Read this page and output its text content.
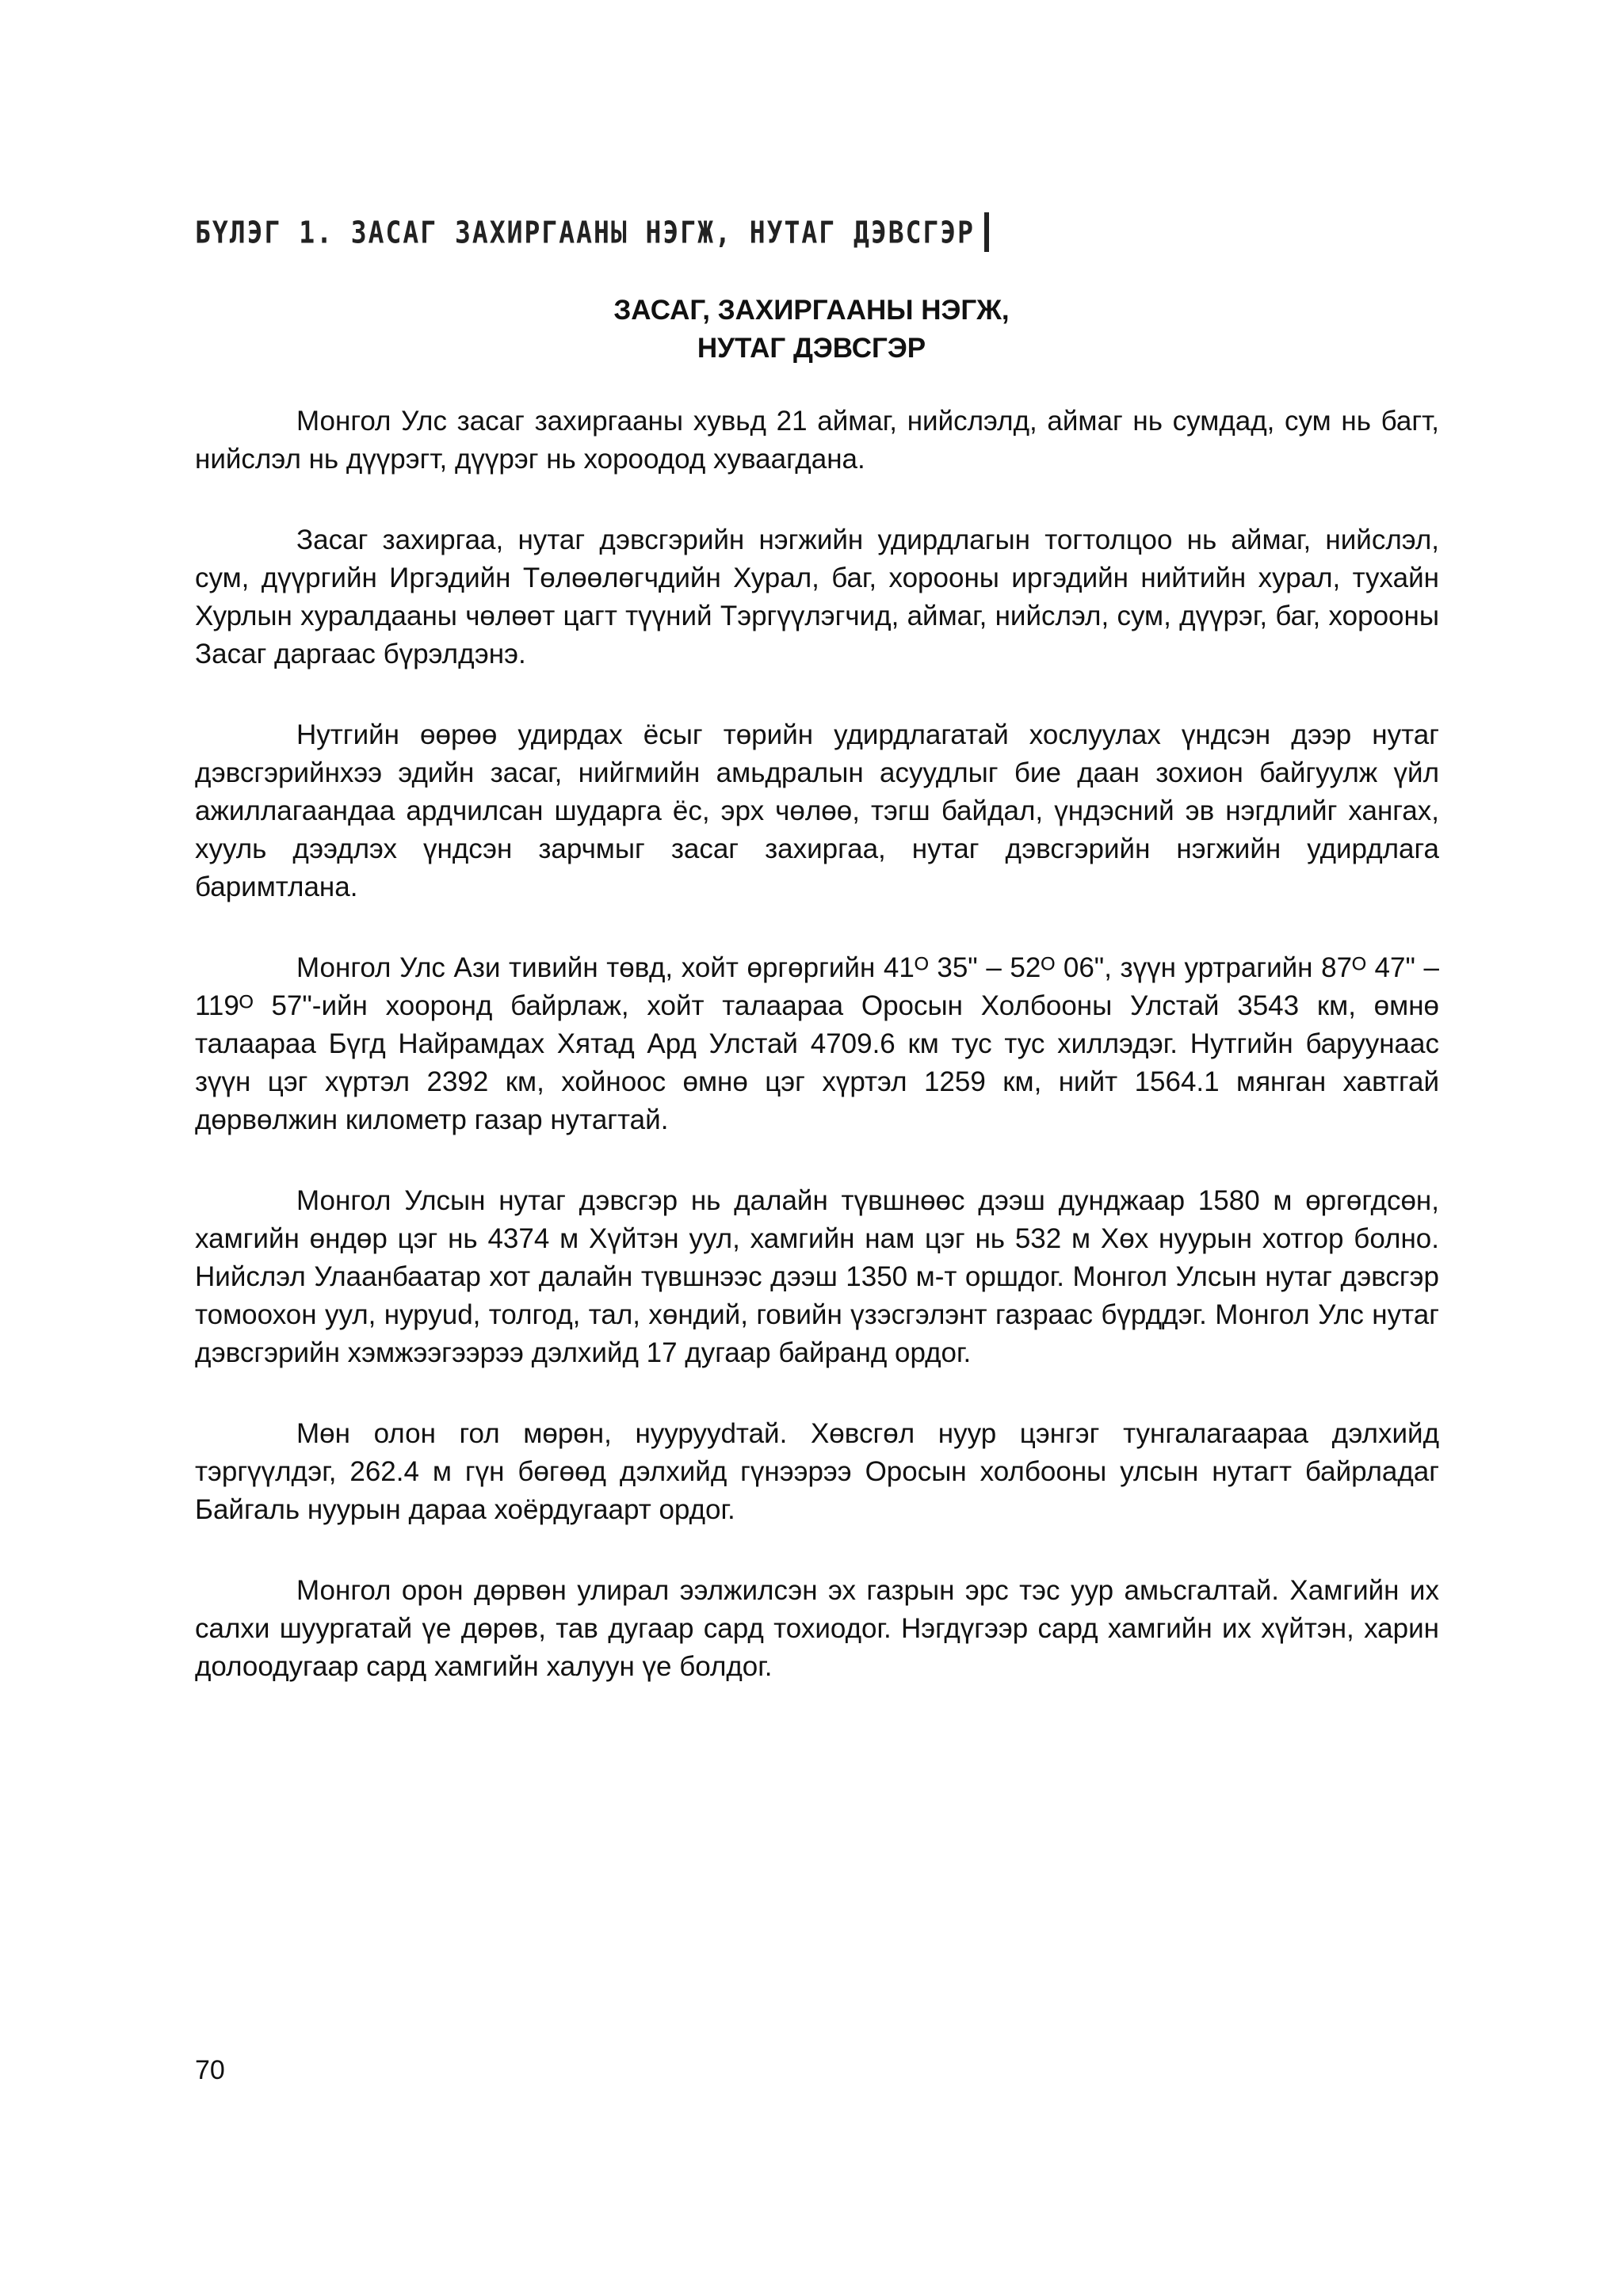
БҮЛЭГ 1. ЗАСАГ ЗАХИРГААНЫ НЭГЖ, НУТАГ ДЭВСГЭР
ЗАСАГ, ЗАХИРГААНЫ НЭГЖ,
НУТАГ ДЭВСГЭР

Монгол Улс засаг захиргааны хувьд 21 аймаг, нийслэлд, аймаг нь сумдад, сум нь багт, нийслэл нь дүүрэгт, дүүрэг нь хороодод хуваагдана.

Засаг захиргаа, нутаг дэвсгэрийн нэгжийн удирдлагын тогтолцоо нь аймаг, нийслэл, сум, дүүргийн Иргэдийн Төлөөлөгчдийн Хурал, баг, хорооны иргэдийн нийтийн хурал, тухайн Хурлын хуралдааны чөлөөт цагт түүний Тэргүүлэгчид, аймаг, нийслэл, сум, дүүрэг, баг, хорооны Засаг даргаас бүрэлдэнэ.

Нутгийн өөрөө удирдах ёсыг төрийн удирдлагатай хослуулах үндсэн дээр нутаг дэвсгэрийнхээ эдийн засаг, нийгмийн амьдралын асуудлыг бие даан зохион байгуулж үйл ажиллагаандаа ардчилсан шударга ёс, эрх чөлөө, тэгш байдал, үндэсний эв нэгдлийг хангах, хууль дээдлэх үндсэн зарчмыг засаг захиргаа, нутаг дэвсгэрийн нэгжийн удирдлага баримтлана.

Монгол Улс Ази тивийн төвд, хойт өргөргийн 41ᴼ 35" – 52ᴼ 06", зүүн уртрагийн 87ᴼ 47" – 119ᴼ 57"-ийн хооронд байрлаж, хойт талаараа Оросын Холбооны Улстай 3543 км, өмнө талаараа Бүгд Найрамдах Хятад Ард Улстай 4709.6 км тус тус хиллэдэг. Нутгийн баруунаас зүүн цэг хүртэл 2392 км, хойноос өмнө цэг хүртэл 1259 км, нийт 1564.1 мянган хавтгай дөрвөлжин километр газар нутагтай.

Монгол Улсын нутаг дэвсгэр нь далайн түвшнөөс дээш дунджаар 1580 м өргөгдсөн, хамгийн өндөр цэг нь 4374 м Хүйтэн уул, хамгийн нам цэг нь 532 м Хөх нуурын хотгор болно. Нийслэл Улаанбаатар хот далайн түвшнээс дээш 1350 м-т оршдог. Монгол Улсын нутаг дэвсгэр томоохон уул, нуруud, толгод, тал, хөндий, говийн үзэсгэлэнт газраас бүрддэг. Монгол Улс нутаг дэвсгэрийн хэмжээгээрээ дэлхийд 17 дугаар байранд ордог.

Мөн олон гол мөрөн, нуурууdтай. Хөвсгөл нуур цэнгэг тунгалагаараа дэлхийд тэргүүлдэг, 262.4 м гүн бөгөөд дэлхийд гүнээрээ Оросын холбооны улсын нутагт байрладаг Байгаль нуурын дараа хоёрдугаарт ордог.

Монгол орон дөрвөн улирал ээлжилсэн эх газрын эрс тэс уур амьсгалтай. Хамгийн их салхи шуургатай үе дөрөв, тав дугаар сард тохиодог. Нэгдүгээр сард хамгийн их хүйтэн, харин долоодугаар сард хамгийн халуун үе болдог.

70
